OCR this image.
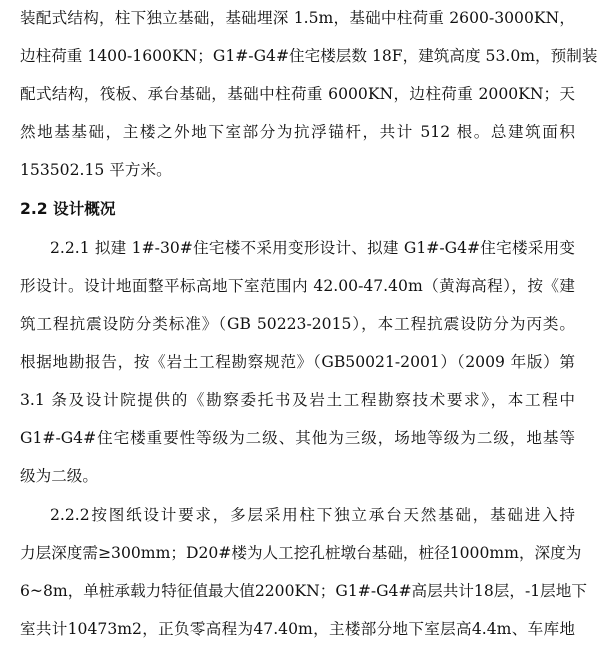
装配式结构，柱下独立基础，基础埋深 1.5m，基础中柱荷重 2600-3000KN，
边柱荷重 1400-1600KN；G1#-G4#住宅楼层数 18F，建筑高度 53.0m，预制装
配式结构，筏板、承台基础，基础中柱荷重 6000KN，边柱荷重 2000KN；天
然地基基础，主楼之外地下室部分为抗浮锚杆，共计 512 根。总建筑面积
153502.15 平方米。
2.2 设计概况
2.2.1 拟建 1#-30#住宅楼不采用变形设计、拟建 G1#-G4#住宅楼采用变
形设计。设计地面整平标高地下室范围内 42.00-47.40m（黄海高程），按《建
筑工程抗震设防分类标准》（GB 50223-2015），本工程抗震设防分为丙类。
根据地勘报告，按《岩土工程勘察规范》（GB50021-2001）（2009 年版）第
3.1 条及设计院提供的《勘察委托书及岩土工程勘察技术要求》，本工程中
G1#-G4#住宅楼重要性等级为二级、其他为三级，场地等级为二级，地基等
级为二级。
2.2.2按图纸设计要求，多层采用柱下独立承台天然基础，基础进入持
力层深度需≥300mm；D20#楼为人工挖孔桩墩台基础，桩径1000mm，深度为
6~8m，单桩承载力特征值最大值2200KN；G1#-G4#高层共计18层，-1层地下
室共计10473m2，正负零高程为47.40m，主楼部分地下室层高4.4m、车库地
